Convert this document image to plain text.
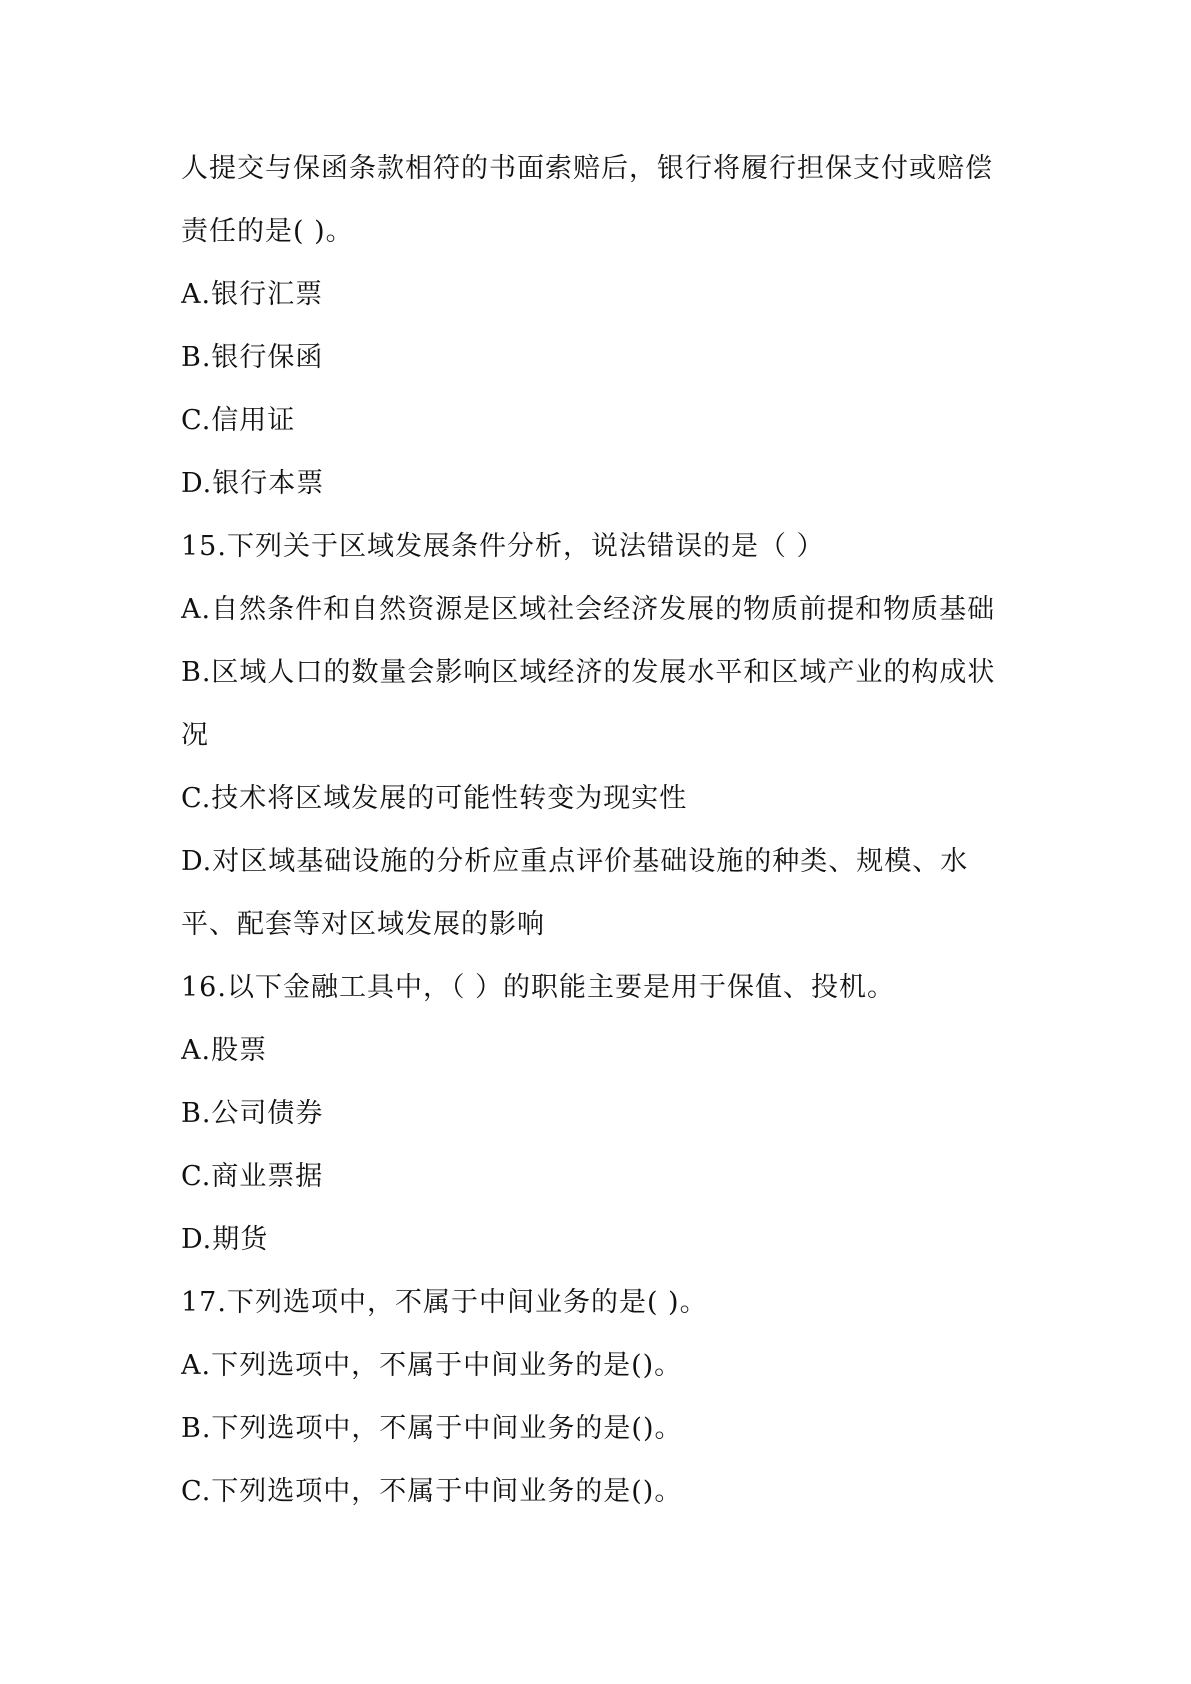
人提交与保函条款相符的书面索赔后，银行将履行担保支付或赔偿
责任的是( )。
A.银行汇票
B.银行保函
C.信用证
D.银行本票
15.下列关于区域发展条件分析，说法错误的是（ ）
A.自然条件和自然资源是区域社会经济发展的物质前提和物质基础
B.区域人口的数量会影响区域经济的发展水平和区域产业的构成状
况
C.技术将区域发展的可能性转变为现实性
D.对区域基础设施的分析应重点评价基础设施的种类、规模、水
平、配套等对区域发展的影响
16.以下金融工具中，（ ）的职能主要是用于保值、投机。
A.股票
B.公司债券
C.商业票据
D.期货
17.下列选项中，不属于中间业务的是( )。
A.下列选项中，不属于中间业务的是()。
B.下列选项中，不属于中间业务的是()。
C.下列选项中，不属于中间业务的是()。
